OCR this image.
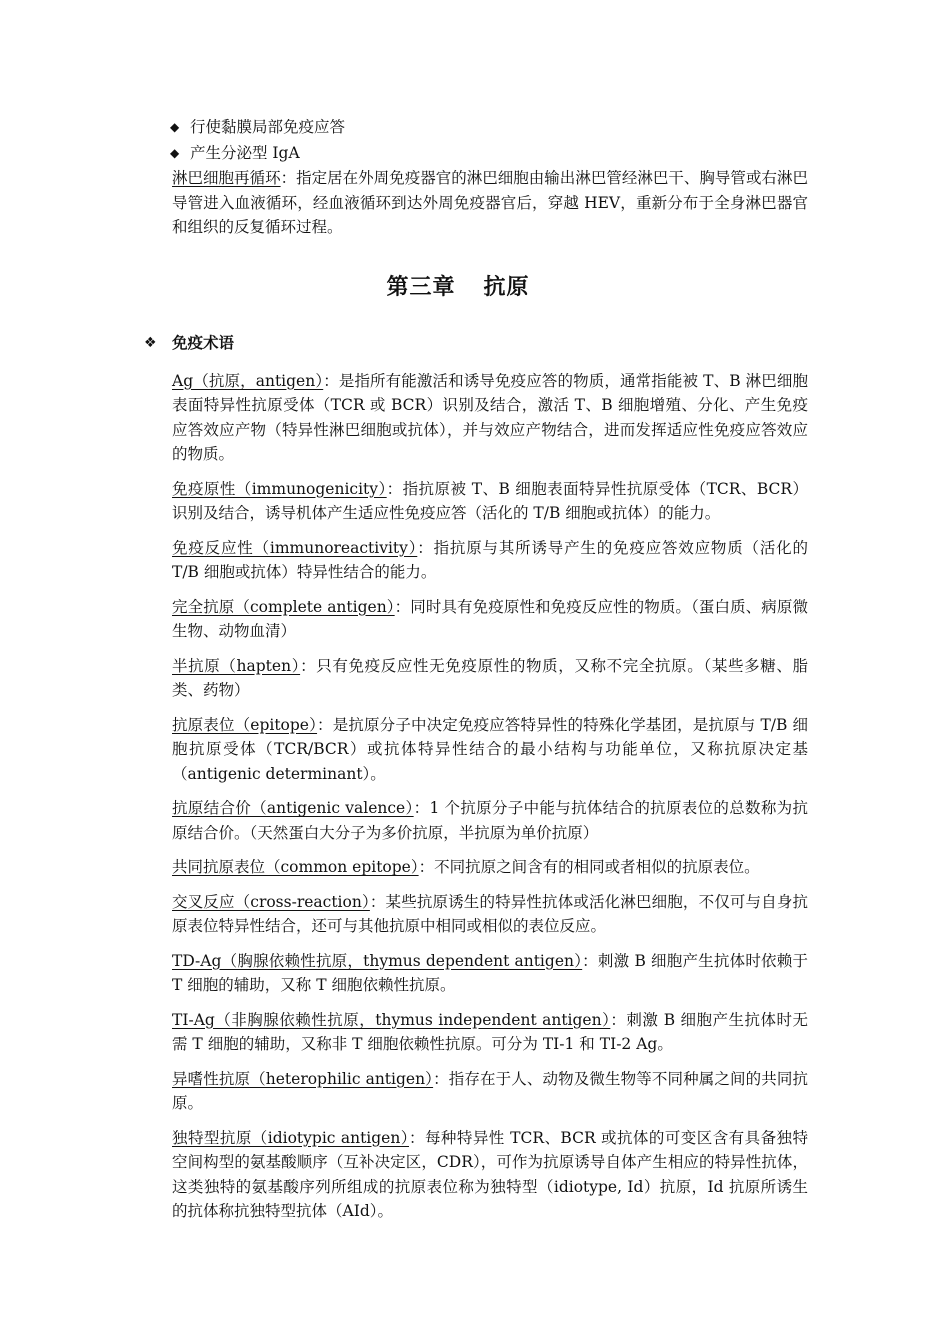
◆ 行使黏膜局部免疫应答
◆ 产生分泌型 IgA

淋巴细胞再循环：指定居在外周免疫器官的淋巴细胞由输出淋巴管经淋巴干、胸导管或右淋巴导管进入血液循环，经血液循环到达外周免疫器官后，穿越 HEV，重新分布于全身淋巴器官和组织的反复循环过程。

第三章 抗原
❖ 免疫术语

Ag（抗原，antigen）：是指所有能激活和诱导免疫应答的物质，通常指能被 T、B 淋巴细胞表面特异性抗原受体（TCR 或 BCR）识别及结合，激活 T、B 细胞增殖、分化、产生免疫应答效应产物（特异性淋巴细胞或抗体），并与效应产物结合，进而发挥适应性免疫应答效应的物质。

免疫原性（immunogenicity）：指抗原被 T、B 细胞表面特异性抗原受体（TCR、BCR）识别及结合，诱导机体产生适应性免疫应答（活化的 T/B 细胞或抗体）的能力。

免疫反应性（immunoreactivity）：指抗原与其所诱导产生的免疫应答效应物质（活化的 T/B 细胞或抗体）特异性结合的能力。

完全抗原（complete antigen）：同时具有免疫原性和免疫反应性的物质。（蛋白质、病原微生物、动物血清）

半抗原（hapten）：只有免疫反应性无免疫原性的物质，又称不完全抗原。（某些多糖、脂类、药物）

抗原表位（epitope）：是抗原分子中决定免疫应答特异性的特殊化学基团，是抗原与 T/B 细胞抗原受体（TCR/BCR）或抗体特异性结合的最小结构与功能单位，又称抗原决定基（antigenic determinant）。

抗原结合价（antigenic valence）：1 个抗原分子中能与抗体结合的抗原表位的总数称为抗原结合价。（天然蛋白大分子为多价抗原，半抗原为单价抗原）

共同抗原表位（common epitope）：不同抗原之间含有的相同或者相似的抗原表位。

交叉反应（cross-reaction）：某些抗原诱生的特异性抗体或活化淋巴细胞，不仅可与自身抗原表位特异性结合，还可与其他抗原中相同或相似的表位反应。

TD-Ag（胸腺依赖性抗原，thymus dependent antigen）：刺激 B 细胞产生抗体时依赖于 T 细胞的辅助，又称 T 细胞依赖性抗原。

TI-Ag（非胸腺依赖性抗原，thymus independent antigen）：刺激 B 细胞产生抗体时无需 T 细胞的辅助，又称非 T 细胞依赖性抗原。可分为 TI-1 和 TI-2 Ag。

异嗜性抗原（heterophilic antigen）：指存在于人、动物及微生物等不同种属之间的共同抗原。

独特型抗原（idiotypic antigen）：每种特异性 TCR、BCR 或抗体的可变区含有具备独特空间构型的氨基酸顺序（互补决定区，CDR），可作为抗原诱导自体产生相应的特异性抗体，这类独特的氨基酸序列所组成的抗原表位称为独特型（idiotype, Id）抗原，Id 抗原所诱生的抗体称抗独特型抗体（AId）。
